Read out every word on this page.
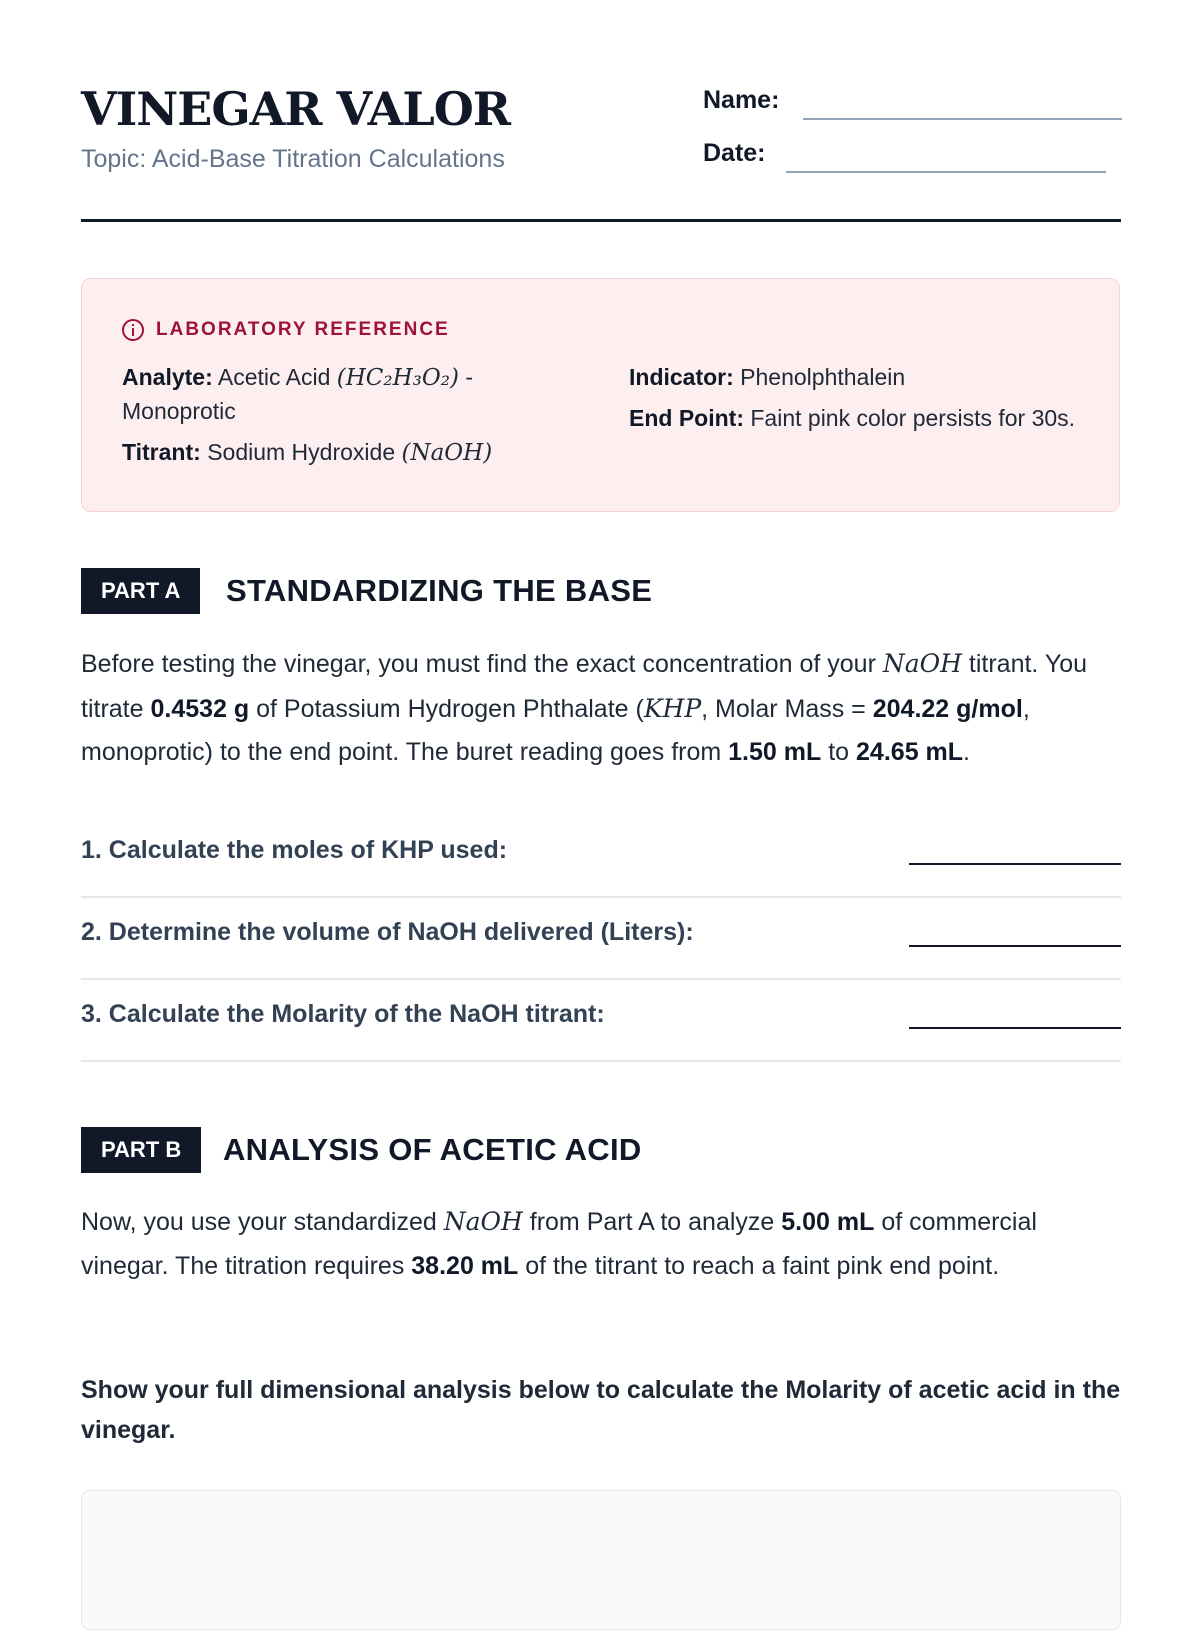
VINEGAR VALOR
Topic: Acid-Base Titration Calculations
Name:
Date:
LABORATORY REFERENCE

Analyte: Acetic Acid (HC₂H₃O₂) - Monoprotic

Titrant: Sodium Hydroxide (NaOH)

Indicator: Phenolphthalein

End Point: Faint pink color persists for 30s.

PART A	STANDARDIZING THE BASE

Before testing the vinegar, you must find the exact concentration of your NaOH titrant. You titrate 0.4532 g of Potassium Hydrogen Phthalate (KHP, Molar Mass = 204.22 g/mol, monoprotic) to the end point. The buret reading goes from 1.50 mL to 24.65 mL.

1. Calculate the moles of KHP used:
2. Determine the volume of NaOH delivered (Liters):
3. Calculate the Molarity of the NaOH titrant:
PART B	ANALYSIS OF ACETIC ACID

Now, you use your standardized NaOH from Part A to analyze 5.00 mL of commercial vinegar. The titration requires 38.20 mL of the titrant to reach a faint pink end point.

Show your full dimensional analysis below to calculate the Molarity of acetic acid in the vinegar.
